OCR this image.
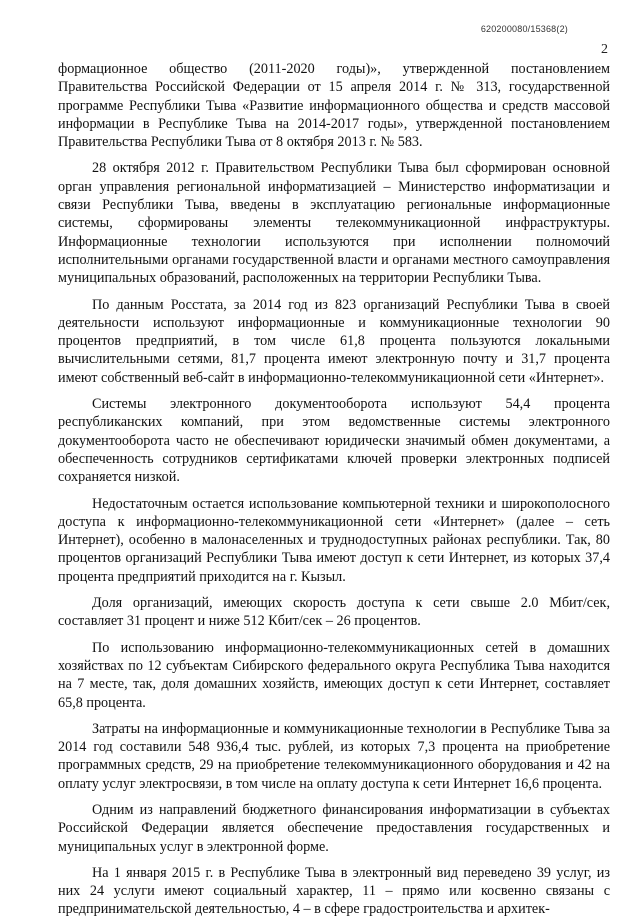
620200080/15368(2)
2

формационное общество (2011-2020 годы)», утвержденной постановлением Правительства Российской Федерации от 15 апреля 2014 г. № 313, государственной программе Республики Тыва «Развитие информационного общества и средств массовой информации в Республике Тыва на 2014-2017 годы», утвержденной постановлением Правительства Республики Тыва от 8 октября 2013 г. № 583.

28 октября 2012 г. Правительством Республики Тыва был сформирован основной орган управления региональной информатизацией – Министерство информатизации и связи Республики Тыва, введены в эксплуатацию региональные информационные системы, сформированы элементы телекоммуникационной инфраструктуры. Информационные технологии используются при исполнении полномочий исполнительными органами государственной власти и органами местного самоуправления муниципальных образований, расположенных на территории Республики Тыва.

По данным Росстата, за 2014 год из 823 организаций Республики Тыва в своей деятельности используют информационные и коммуникационные технологии 90 процентов предприятий, в том числе 61,8 процента пользуются локальными вычислительными сетями, 81,7 процента имеют электронную почту и 31,7 процента имеют собственный веб-сайт в информационно-телекоммуникационной сети «Интернет».

Системы электронного документооборота используют 54,4 процента республиканских компаний, при этом ведомственные системы электронного документооборота часто не обеспечивают юридически значимый обмен документами, а обеспеченность сотрудников сертификатами ключей проверки электронных подписей сохраняется низкой.

Недостаточным остается использование компьютерной техники и широкополосного доступа к информационно-телекоммуникационной сети «Интернет» (далее – сеть Интернет), особенно в малонаселенных и труднодоступных районах республики. Так, 80 процентов организаций Республики Тыва имеют доступ к сети Интернет, из которых 37,4 процента предприятий приходится на г. Кызыл.

Доля организаций, имеющих скорость доступа к сети свыше 2.0 Мбит/сек, составляет 31 процент и ниже 512 Кбит/сек – 26 процентов.

По использованию информационно-телекоммуникационных сетей в домашних хозяйствах по 12 субъектам Сибирского федерального округа Республика Тыва находится на 7 месте, так, доля домашних хозяйств, имеющих доступ к сети Интернет, составляет 65,8 процента.

Затраты на информационные и коммуникационные технологии в Республике Тыва за 2014 год составили 548 936,4 тыс. рублей, из которых 7,3 процента на приобретение программных средств, 29 на приобретение телекоммуникационного оборудования и 42 на оплату услуг электросвязи, в том числе на оплату доступа к сети Интернет 16,6 процента.

Одним из направлений бюджетного финансирования информатизации в субъектах Российской Федерации является обеспечение предоставления государственных и муниципальных услуг в электронной форме.

На 1 января 2015 г. в Республике Тыва в электронный вид переведено 39 услуг, из них 24 услуги имеют социальный характер, 11 – прямо или косвенно связаны с предпринимательской деятельностью, 4 – в сфере градостроительства и архитек-
